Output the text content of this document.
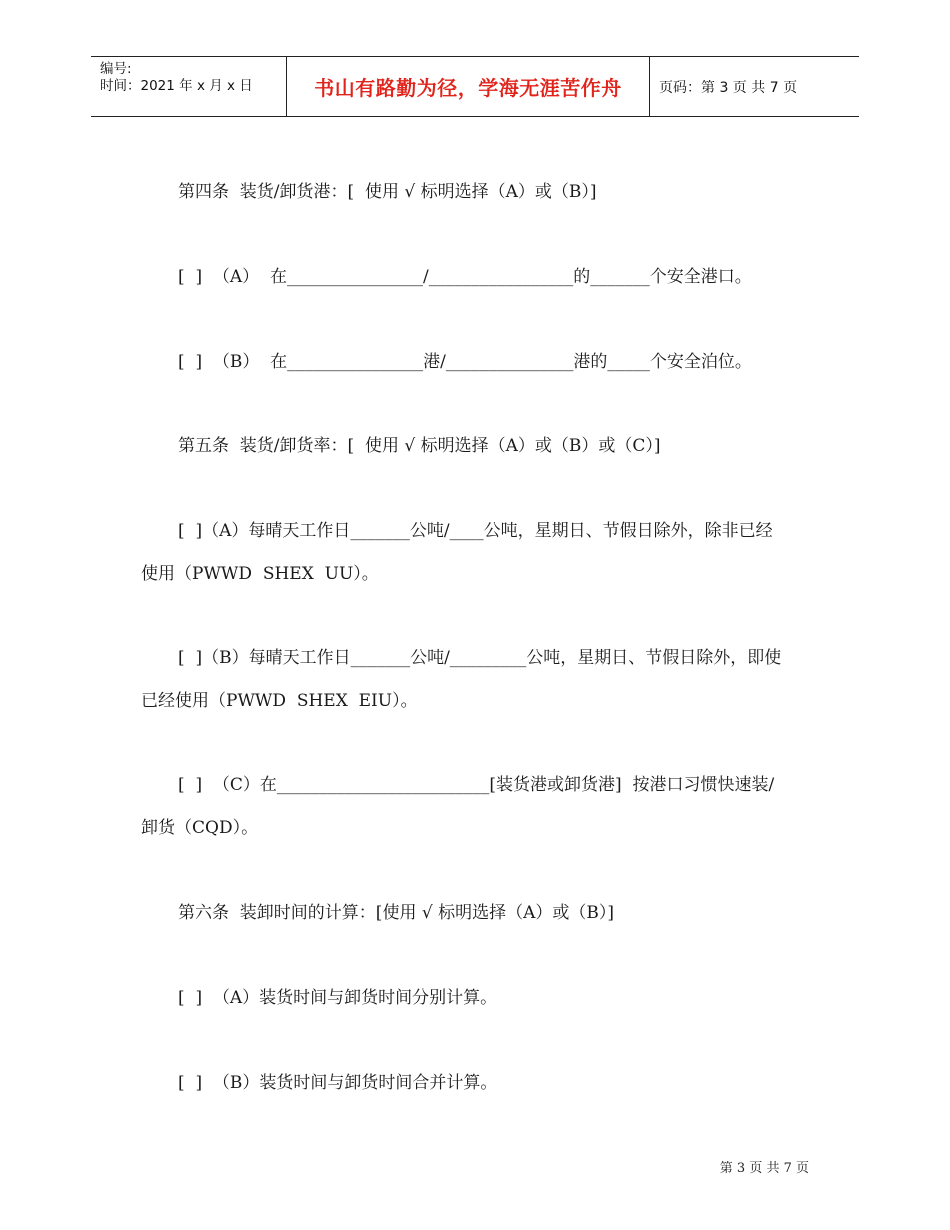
编号:
时间：2021 年 x 月 x 日	书山有路勤为径，学海无涯苦作舟	页码：第 3 页 共 7 页
第四条  装货/卸货港：[  使用 √ 标明选择（A）或（B）]
[  ]  （A）  在________________/_________________的_______个安全港口。
[  ]  （B）  在________________港/_______________港的_____个安全泊位。
第五条  装货/卸货率：[  使用 √ 标明选择（A）或（B）或（C）]
[  ]（A）每晴天工作日_______公吨/____公吨，星期日、节假日除外，除非已经
使用（PWWD  SHEX  UU）。
[  ]（B）每晴天工作日_______公吨/_________公吨，星期日、节假日除外，即使
已经使用（PWWD  SHEX  EIU）。
[  ]  （C）在_________________________[装货港或卸货港]  按港口习惯快速装/
卸货（CQD）。
第六条  装卸时间的计算：[使用 √ 标明选择（A）或（B）]
[  ]  （A）装货时间与卸货时间分别计算。
[  ]  （B）装货时间与卸货时间合并计算。
第 3 页 共 7 页
